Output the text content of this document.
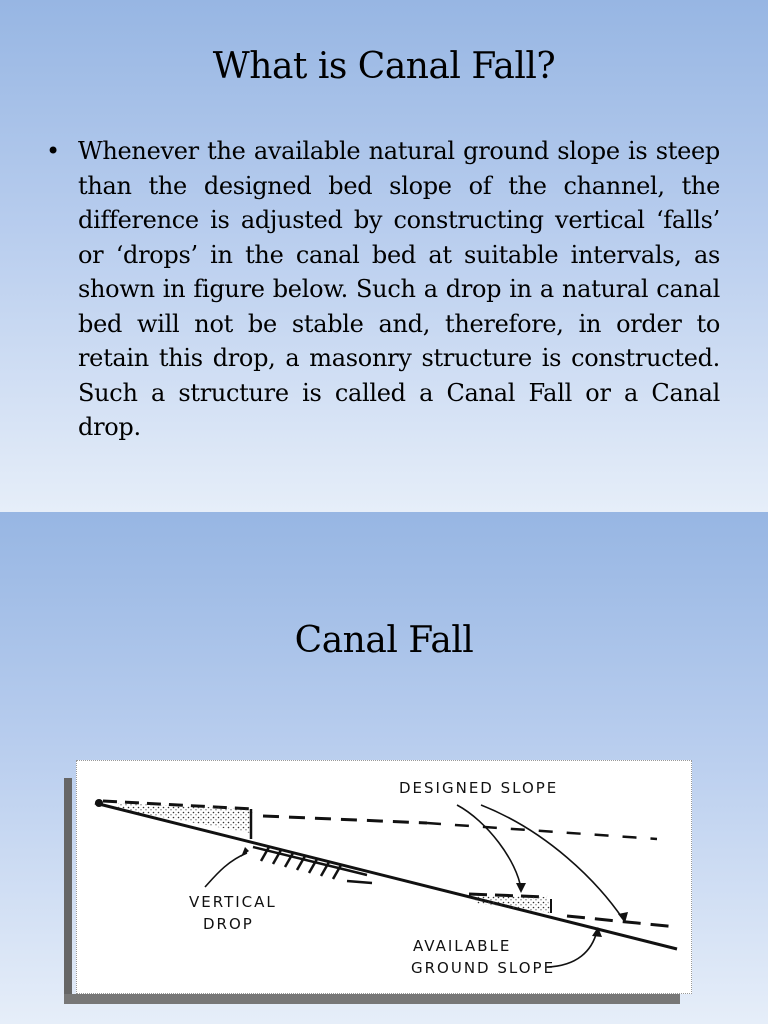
What is Canal Fall?
• Whenever the available natural ground slope is steep than the designed bed slope of the channel, the difference is adjusted by constructing vertical ‘falls’ or ‘drops’ in the canal bed at suitable intervals, as shown in figure below. Such a drop in a natural canal bed will not be stable and, therefore, in order to retain this drop, a masonry structure is constructed. Such a structure is called a Canal Fall or a Canal drop.
Canal Fall
DESIGNED SLOPE
VERTICAL
DROP
AVAILABLE
GROUND SLOPE
